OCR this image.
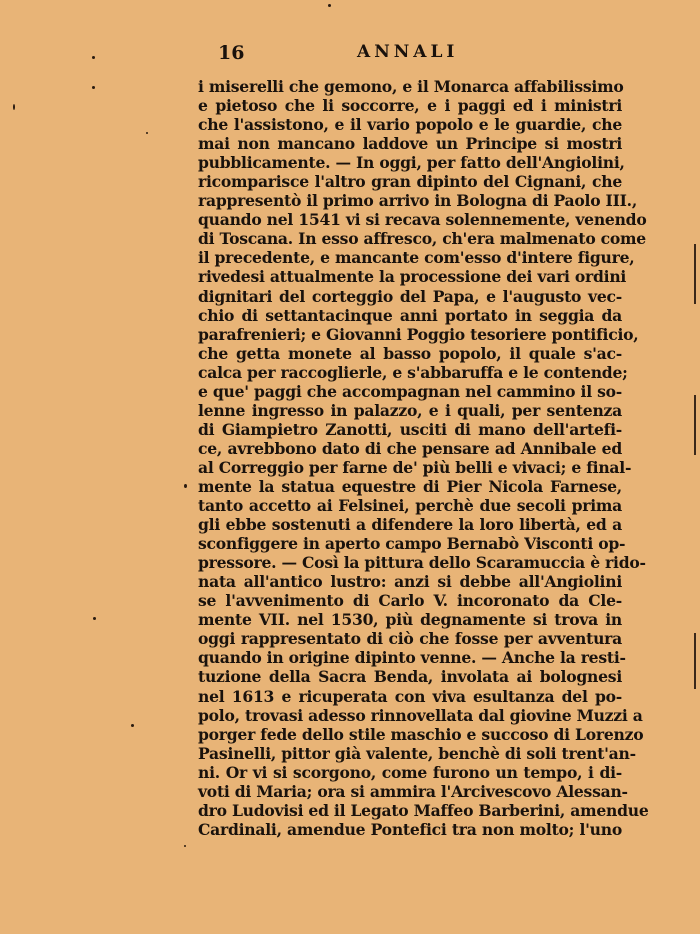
16	ANNALI
i miserelli che gemono, e il Monarca affabilissimo
e pietoso che li soccorre, e i paggi ed i ministri
che l'assistono, e il vario popolo e le guardie, che
mai non mancano laddove un Principe si mostri
pubblicamente. — In oggi, per fatto dell'Angiolini,
ricomparisce l'altro gran dipinto del Cignani, che
rappresentò il primo arrivo in Bologna di Paolo III.,
quando nel 1541 vi si recava solennemente, venendo
di Toscana. In esso affresco, ch'era malmenato come
il precedente, e mancante com'esso d'intere figure,
rivedesi attualmente la processione dei vari ordini
dignitari del corteggio del Papa, e l'augusto vec-
chio di settantacinque anni portato in seggia da
parafrenieri; e Giovanni Poggio tesoriere pontificio,
che getta monete al basso popolo, il quale s'ac-
calca per raccoglierle, e s'abbaruffa e le contende;
e que' paggi che accompagnan nel cammino il so-
lenne ingresso in palazzo, e i quali, per sentenza
di Giampietro Zanotti, usciti di mano dell'artefi-
ce, avrebbono dato di che pensare ad Annibale ed
al Correggio per farne de' più belli e vivaci; e final-
mente la statua equestre di Pier Nicola Farnese,
tanto accetto ai Felsinei, perchè due secoli prima
gli ebbe sostenuti a difendere la loro libertà, ed a
sconfiggere in aperto campo Bernabò Visconti op-
pressore. — Così la pittura dello Scaramuccia è rido-
nata all'antico lustro: anzi si debbe all'Angiolini
se l'avvenimento di Carlo V. incoronato da Cle-
mente VII. nel 1530, più degnamente si trova in
oggi rappresentato di ciò che fosse per avventura
quando in origine dipinto venne. — Anche la resti-
tuzione della Sacra Benda, involata ai bolognesi
nel 1613 e ricuperata con viva esultanza del po-
polo, trovasi adesso rinnovellata dal giovine Muzzi a
porger fede dello stile maschio e succoso di Lorenzo
Pasinelli, pittor già valente, benchè di soli trent'an-
ni. Or vi si scorgono, come furono un tempo, i di-
voti di Maria; ora si ammira l'Arcivescovo Alessan-
dro Ludovisi ed il Legato Maffeo Barberini, amendue
Cardinali, amendue Pontefici tra non molto; l'uno
